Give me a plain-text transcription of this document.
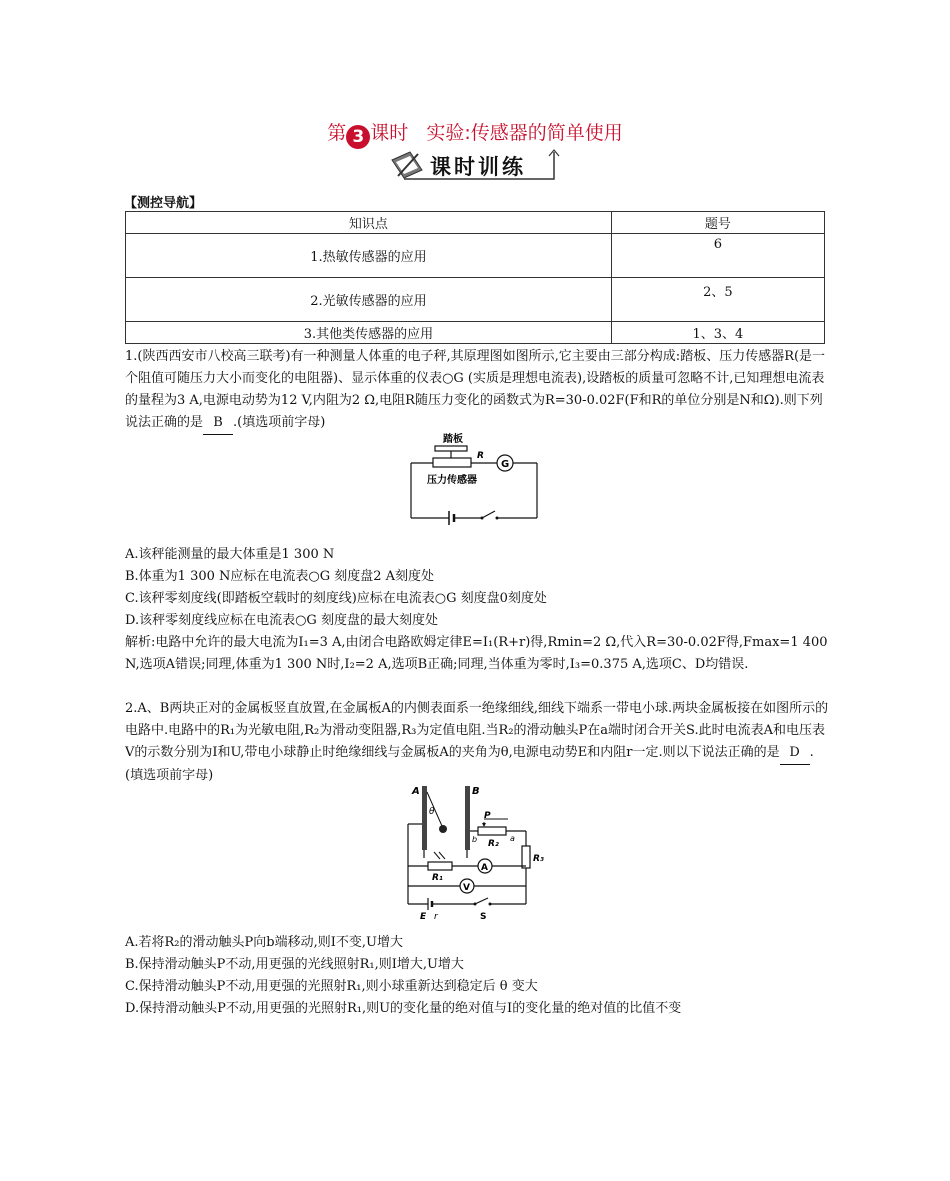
第 3 课时 实验:传感器的简单使用
课时训练
【测控导航】
知识点	题号
1.热敏传感器的应用	6
2.光敏传感器的应用	2、5
3.其他类传感器的应用	1、3、4

1.(陕西西安市八校高三联考)有一种测量人体重的电子秤,其原理图如图所示,它主要由三部分构成:踏板、压力传感器R(是一个阻值可随压力大小而变化的电阻器)、显示体重的仪表○G (实质是理想电流表),设踏板的质量可忽略不计,已知理想电流表的量程为3 A,电源电动势为12 V,内阻为2 Ω,电阻R随压力变化的函数式为R=30-0.02F(F和R的单位分别是N和Ω).则下列说法正确的是 B .(填选项前字母)

踏板
R
G
压力传感器

A.该秤能测量的最大体重是1 300 N

B.体重为1 300 N应标在电流表○G 刻度盘2 A刻度处

C.该秤零刻度线(即踏板空载时的刻度线)应标在电流表○G 刻度盘0刻度处

D.该秤零刻度线应标在电流表○G 刻度盘的最大刻度处

解析:电路中允许的最大电流为I₁=3 A,由闭合电路欧姆定律E=I₁(R+r)得,Rmin=2 Ω,代入R=30-0.02F得,Fmax=1 400 N,选项A错误;同理,体重为1 300 N时,I₂=2 A,选项B正确;同理,当体重为零时,I₃=0.375 A,选项C、D均错误.

2.A、B两块正对的金属板竖直放置,在金属板A的内侧表面系一绝缘细线,细线下端系一带电小球.两块金属板接在如图所示的电路中.电路中的R₁为光敏电阻,R₂为滑动变阻器,R₃为定值电阻.当R₂的滑动触头P在a端时闭合开关S.此时电流表A和电压表V的示数分别为I和U,带电小球静止时绝缘细线与金属板A的夹角为θ,电源电动势E和内阻r一定.则以下说法正确的是 D .(填选项前字母)

A	B
θ	P
b R₂
a
R₃
R₁
A
V
E r	S

A.若将R₂的滑动触头P向b端移动,则I不变,U增大

B.保持滑动触头P不动,用更强的光线照射R₁,则I增大,U增大

C.保持滑动触头P不动,用更强的光照射R₁,则小球重新达到稳定后 θ 变大

D.保持滑动触头P不动,用更强的光照射R₁,则U的变化量的绝对值与I的变化量的绝对值的比值不变
